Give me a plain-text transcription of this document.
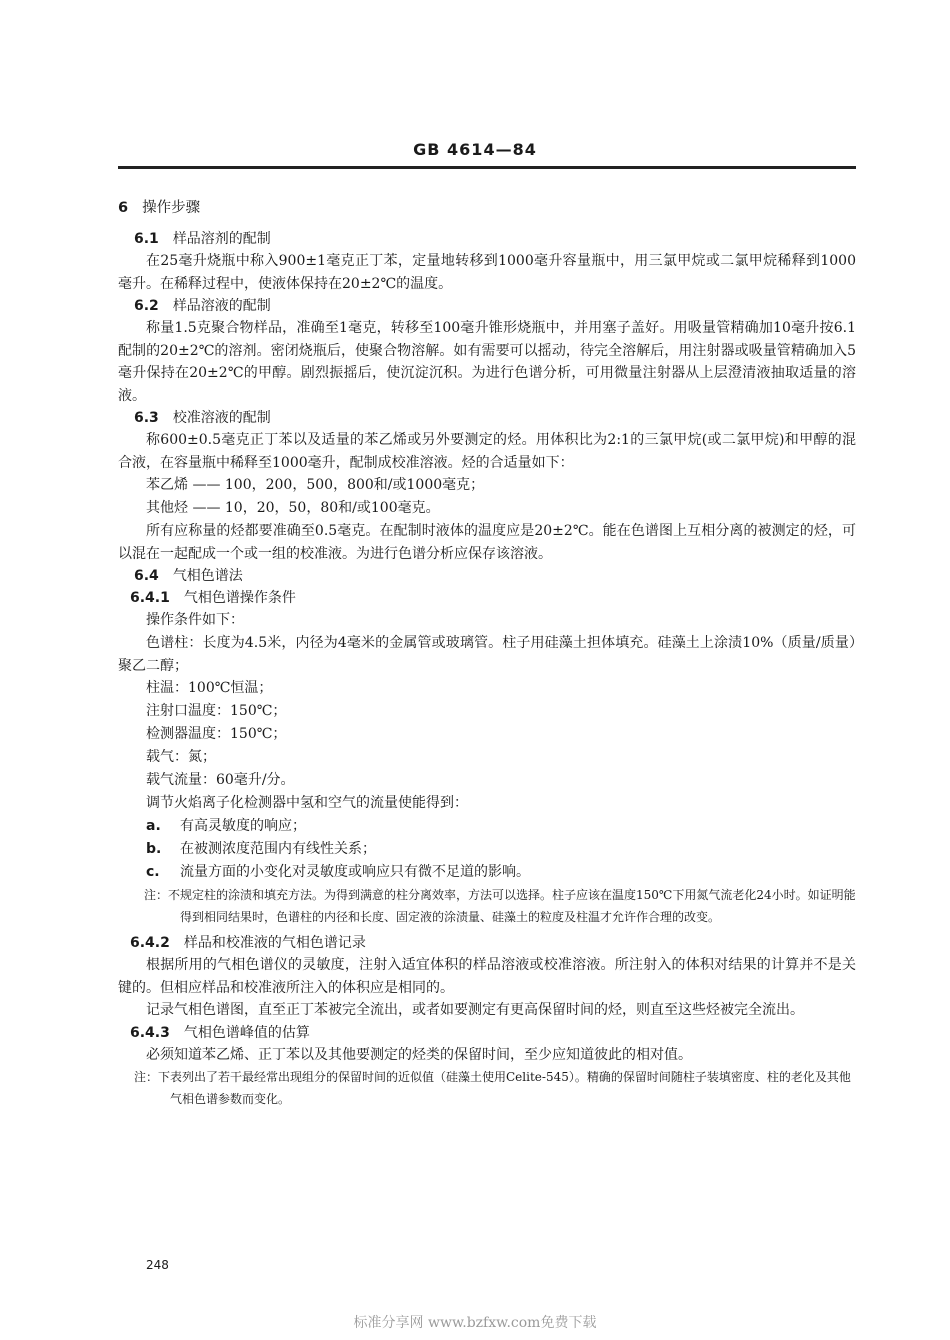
GB 4614—84
6 操作步骤
6.1 样品溶剂的配制

在25毫升烧瓶中称入900±1毫克正丁苯，定量地转移到1000毫升容量瓶中，用三氯甲烷或二氯甲烷稀释到1000毫升。在稀释过程中，使液体保持在20±2℃的温度。

6.2 样品溶液的配制

称量1.5克聚合物样品，准确至1毫克，转移至100毫升锥形烧瓶中，并用塞子盖好。用吸量管精确加10毫升按6.1配制的20±2℃的溶剂。密闭烧瓶后，使聚合物溶解。如有需要可以摇动，待完全溶解后，用注射器或吸量管精确加入5毫升保持在20±2℃的甲醇。剧烈振摇后，使沉淀沉积。为进行色谱分析，可用微量注射器从上层澄清液抽取适量的溶液。

6.3 校准溶液的配制

称600±0.5毫克正丁苯以及适量的苯乙烯或另外要测定的烃。用体积比为2:1的三氯甲烷(或二氯甲烷)和甲醇的混合液，在容量瓶中稀释至1000毫升，配制成校准溶液。烃的合适量如下：

苯乙烯 —— 100，200，500，800和/或1000毫克；

其他烃 —— 10，20，50，80和/或100毫克。

所有应称量的烃都要准确至0.5毫克。在配制时液体的温度应是20±2℃。能在色谱图上互相分离的被测定的烃，可以混在一起配成一个或一组的校准液。为进行色谱分析应保存该溶液。

6.4 气相色谱法
6.4.1 气相色谱操作条件

操作条件如下：

色谱柱：长度为4.5米，内径为4毫米的金属管或玻璃管。柱子用硅藻土担体填充。硅藻土上涂渍10%（质量/质量）聚乙二醇；

柱温：100℃恒温；

注射口温度：150℃；

检测器温度：150℃；

载气：氮；

载气流量：60毫升/分。

调节火焰离子化检测器中氢和空气的流量使能得到：

a. 有高灵敏度的响应；

b. 在被测浓度范围内有线性关系；

c. 流量方面的小变化对灵敏度或响应只有微不足道的影响。

注：不规定柱的涂渍和填充方法。为得到满意的柱分离效率，方法可以选择。柱子应该在温度150℃下用氮气流老化24小时。如证明能得到相同结果时，色谱柱的内径和长度、固定液的涂渍量、硅藻土的粒度及柱温才允许作合理的改变。

6.4.2 样品和校准液的气相色谱记录

根据所用的气相色谱仪的灵敏度，注射入适宜体积的样品溶液或校准溶液。所注射入的体积对结果的计算并不是关键的。但相应样品和校准液所注入的体积应是相同的。

记录气相色谱图，直至正丁苯被完全流出，或者如要测定有更高保留时间的烃，则直至这些烃被完全流出。

6.4.3 气相色谱峰值的估算

必须知道苯乙烯、正丁苯以及其他要测定的烃类的保留时间，至少应知道彼此的相对值。

注：下表列出了若干最经常出现组分的保留时间的近似值（硅藻土使用Celite-545）。精确的保留时间随柱子装填密度、柱的老化及其他气相色谱参数而变化。

248
标准分享网 www.bzfxw.com免费下载
